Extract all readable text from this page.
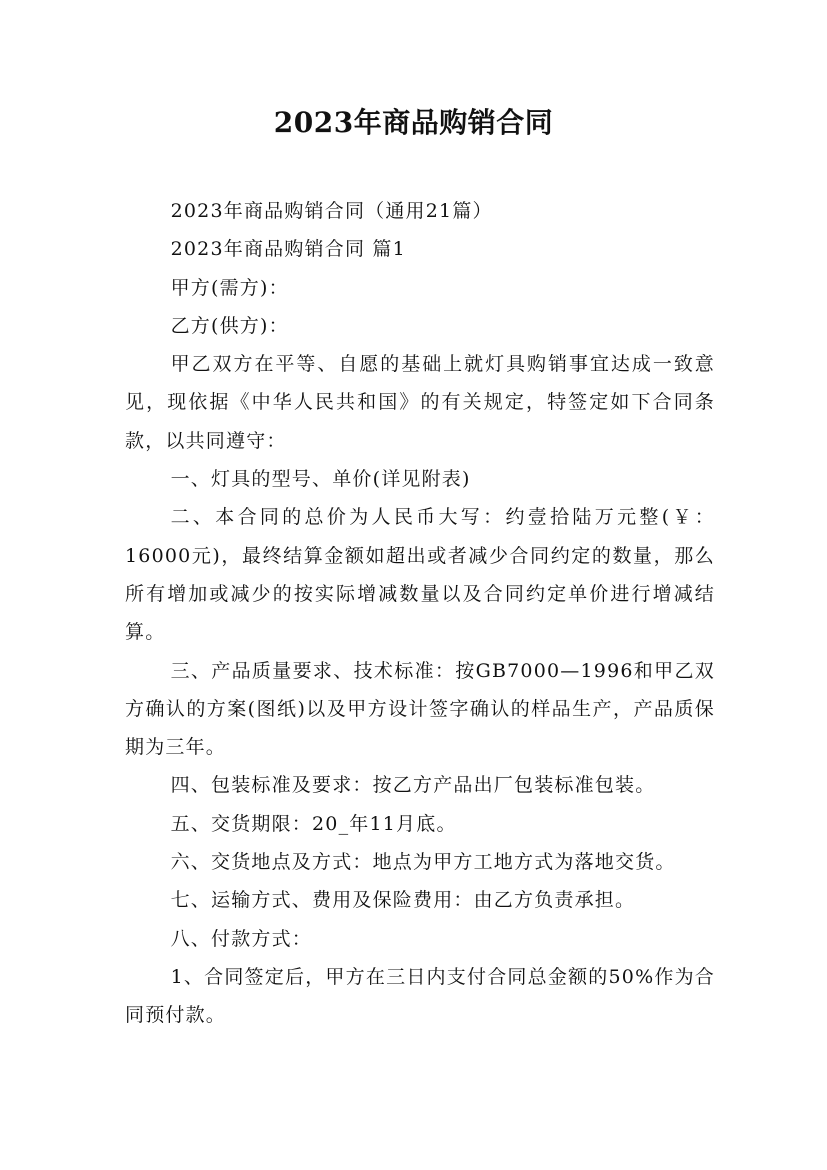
2023年商品购销合同

2023年商品购销合同（通用21篇）

2023年商品购销合同 篇1

甲方(需方)：

乙方(供方)：

甲乙双方在平等、自愿的基础上就灯具购销事宜达成一致意见，现依据《中华人民共和国》的有关规定，特签定如下合同条款，以共同遵守：

一、灯具的型号、单价(详见附表)

二、本合同的总价为人民币大写：约壹拾陆万元整(￥：16000元)，最终结算金额如超出或者减少合同约定的数量，那么所有增加或减少的按实际增减数量以及合同约定单价进行增减结算。

三、产品质量要求、技术标准：按GB7000—1996和甲乙双方确认的方案(图纸)以及甲方设计签字确认的样品生产，产品质保期为三年。

四、包装标准及要求：按乙方产品出厂包装标准包装。

五、交货期限：20_年11月底。

六、交货地点及方式：地点为甲方工地方式为落地交货。

七、运输方式、费用及保险费用：由乙方负责承担。

八、付款方式：

1、合同签定后，甲方在三日内支付合同总金额的50%作为合同预付款。
